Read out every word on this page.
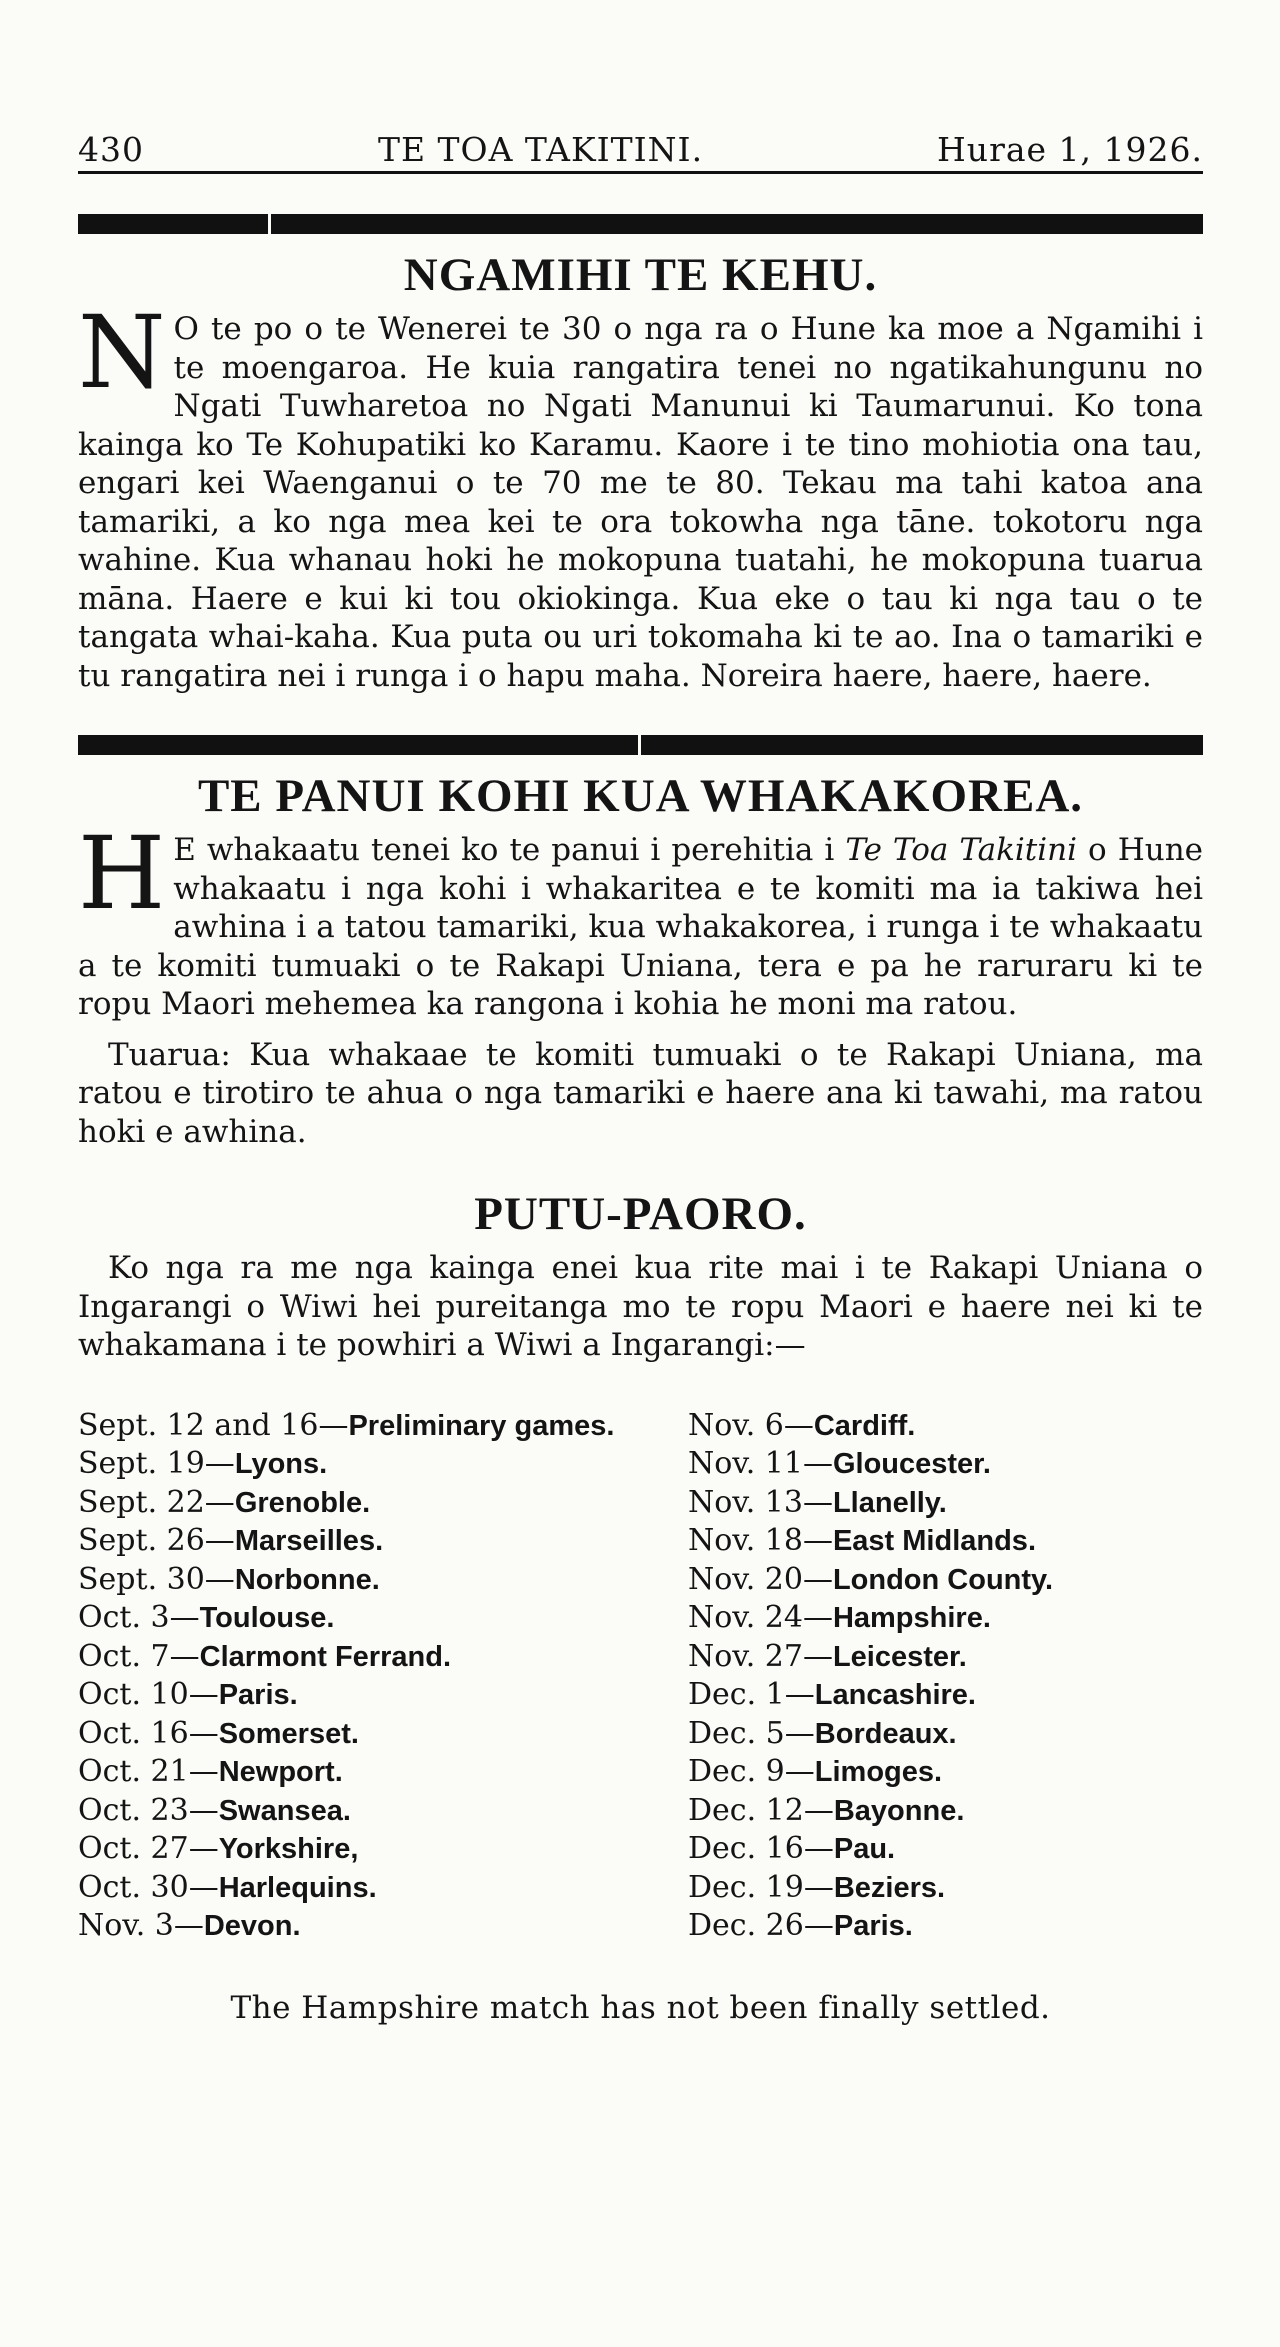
430	TE TOA TAKITINI.	Hurae 1, 1926.
NGAMIHI TE KEHU.

NO te po o te Wenerei te 30 o nga ra o Hune ka moe a Ngamihi i te moengaroa. He kuia rangatira tenei no ngatikahungunu no Ngati Tuwharetoa no Ngati Manunui ki Taumarunui. Ko tona kainga ko Te Kohupatiki ko Karamu. Kaore i te tino mohiotia ona tau, engari kei Waenganui o te 70 me te 80. Tekau ma tahi katoa ana tamariki, a ko nga mea kei te ora tokowha nga tāne. tokotoru nga wahine. Kua whanau hoki he mokopuna tuatahi, he mokopuna tuarua māna. Haere e kui ki tou okiokinga. Kua eke o tau ki nga tau o te tangata whai-kaha. Kua puta ou uri tokomaha ki te ao. Ina o tamariki e tu rangatira nei i runga i o hapu maha. Noreira haere, haere, haere.

TE PANUI KOHI KUA WHAKAKOREA.

HE whakaatu tenei ko te panui i perehitia i Te Toa Takitini o Hune whakaatu i nga kohi i whakaritea e te komiti ma ia takiwa hei awhina i a tatou tamariki, kua whakakorea, i runga i te whakaatu a te komiti tumuaki o te Rakapi Uniana, tera e pa he raruraru ki te ropu Maori mehemea ka rangona i kohia he moni ma ratou.

Tuarua: Kua whakaae te komiti tumuaki o te Rakapi Uniana, ma ratou e tirotiro te ahua o nga tamariki e haere ana ki tawahi, ma ratou hoki e awhina.

PUTU-PAORO.

Ko nga ra me nga kainga enei kua rite mai i te Rakapi Uniana o Ingarangi o Wiwi hei pureitanga mo te ropu Maori e haere nei ki te whakamana i te powhiri a Wiwi a Ingarangi:—

Sept. 12 and 16—Preliminary games.
Sept. 19—Lyons.
Sept. 22—Grenoble.
Sept. 26—Marseilles.
Sept. 30—Norbonne.
Oct. 3—Toulouse.
Oct. 7—Clarmont Ferrand.
Oct. 10—Paris.
Oct. 16—Somerset.
Oct. 21—Newport.
Oct. 23—Swansea.
Oct. 27—Yorkshire,
Oct. 30—Harlequins.
Nov. 3—Devon.
Nov. 6—Cardiff.
Nov. 11—Gloucester.
Nov. 13—Llanelly.
Nov. 18—East Midlands.
Nov. 20—London County.
Nov. 24—Hampshire.
Nov. 27—Leicester.
Dec. 1—Lancashire.
Dec. 5—Bordeaux.
Dec. 9—Limoges.
Dec. 12—Bayonne.
Dec. 16—Pau.
Dec. 19—Beziers.
Dec. 26—Paris.
The Hampshire match has not been finally settled.
